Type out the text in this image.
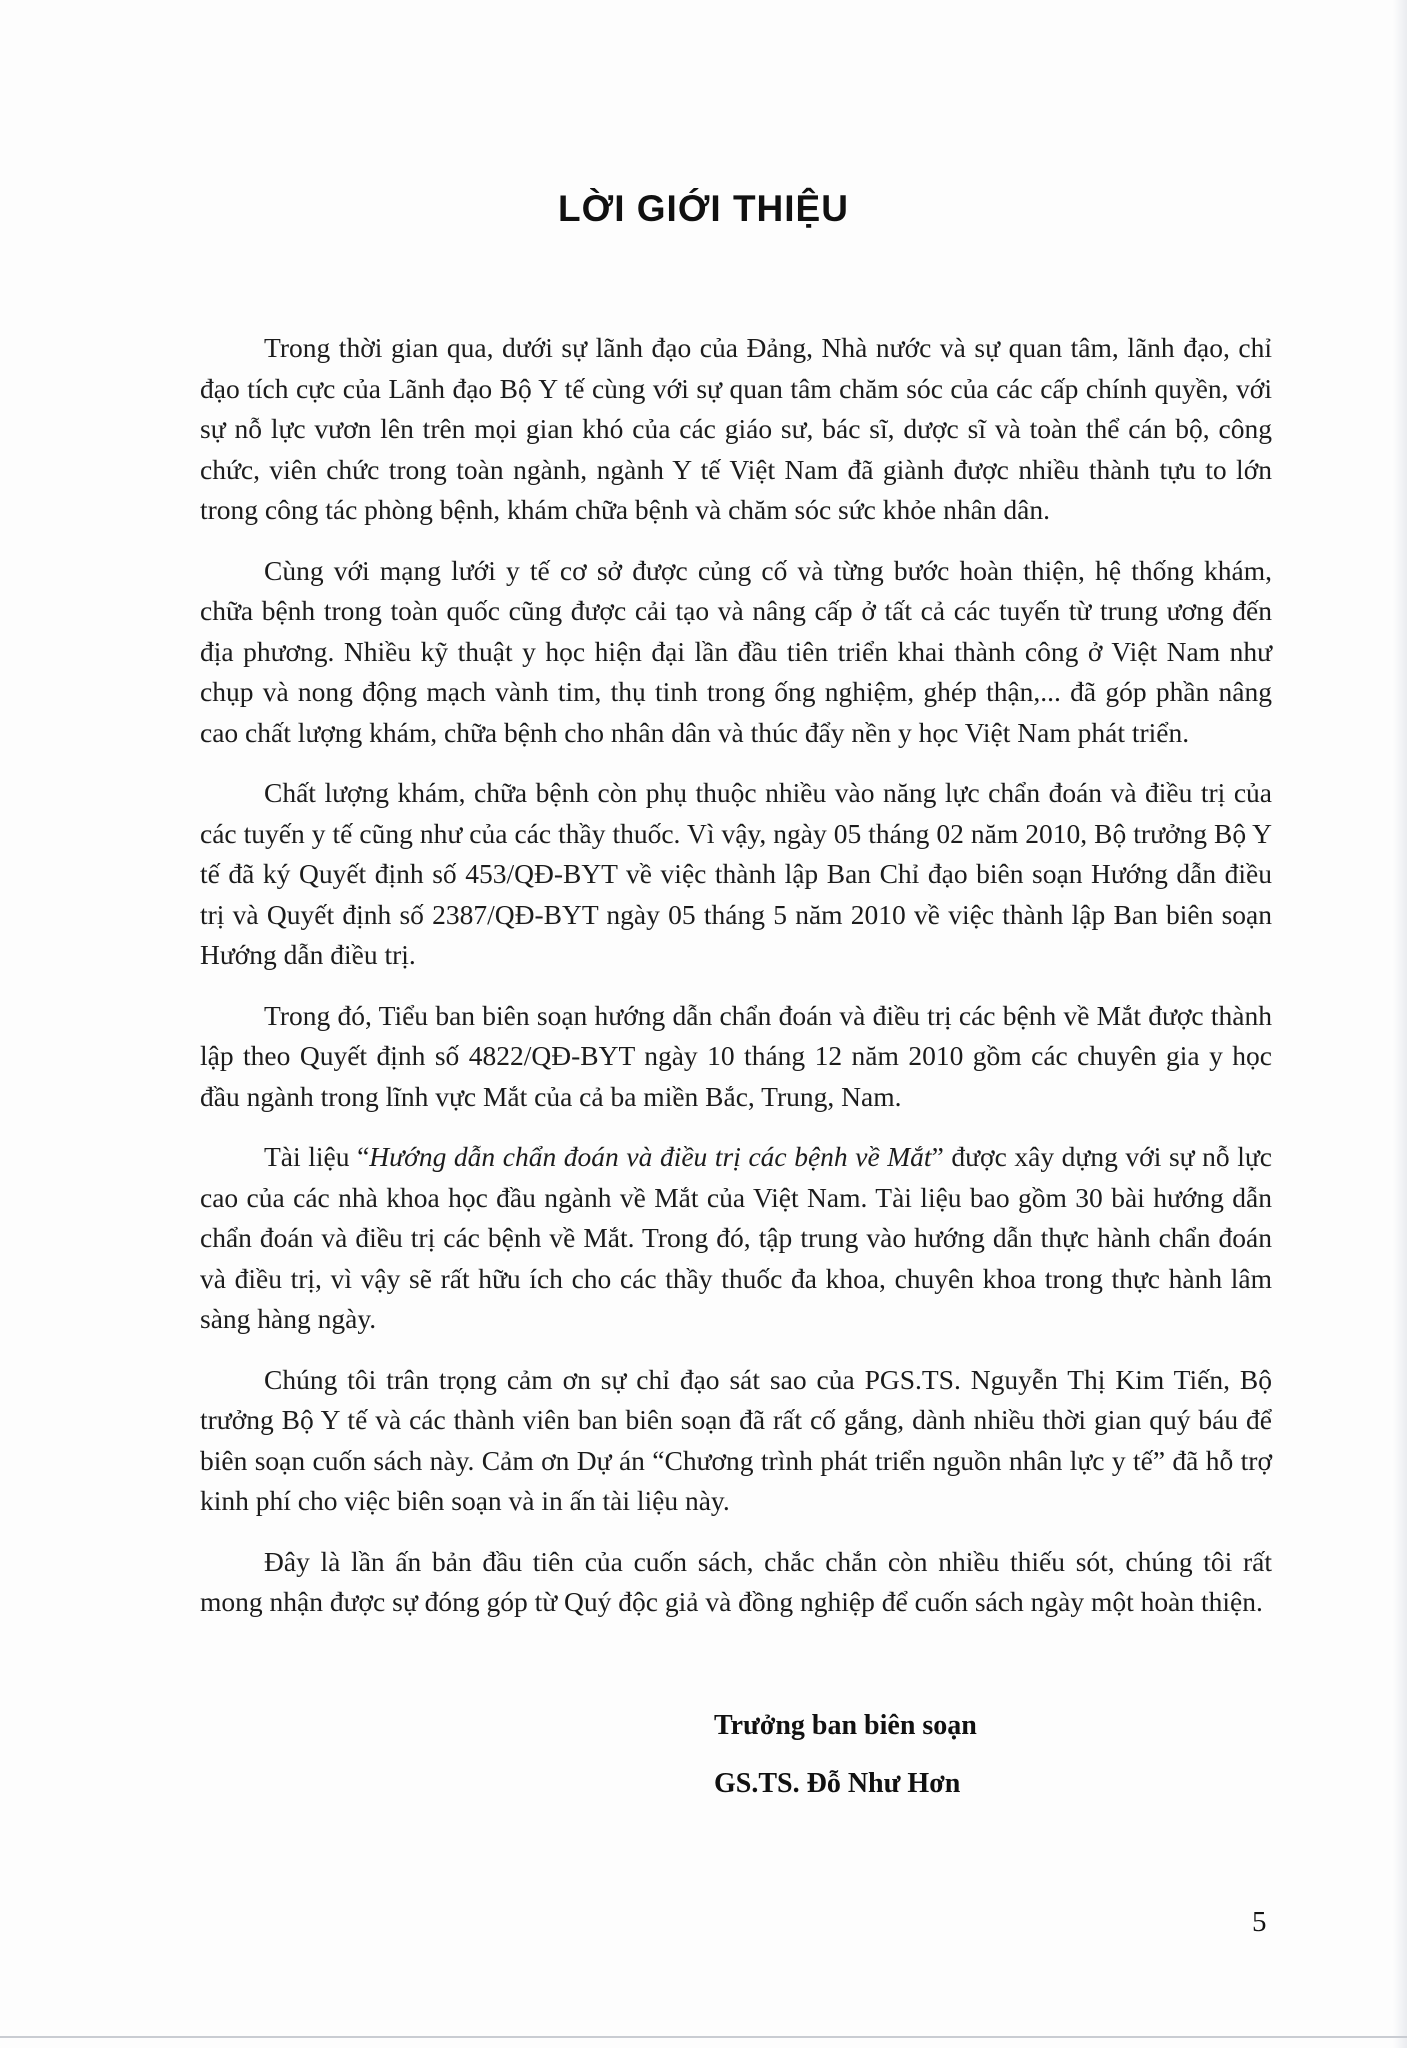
LỜI GIỚI THIỆU

Trong thời gian qua, dưới sự lãnh đạo của Đảng, Nhà nước và sự quan tâm, lãnh đạo, chỉ đạo tích cực của Lãnh đạo Bộ Y tế cùng với sự quan tâm chăm sóc của các cấp chính quyền, với sự nỗ lực vươn lên trên mọi gian khó của các giáo sư, bác sĩ, dược sĩ và toàn thể cán bộ, công chức, viên chức trong toàn ngành, ngành Y tế Việt Nam đã giành được nhiều thành tựu to lớn trong công tác phòng bệnh, khám chữa bệnh và chăm sóc sức khỏe nhân dân.

Cùng với mạng lưới y tế cơ sở được củng cố và từng bước hoàn thiện, hệ thống khám, chữa bệnh trong toàn quốc cũng được cải tạo và nâng cấp ở tất cả các tuyến từ trung ương đến địa phương. Nhiều kỹ thuật y học hiện đại lần đầu tiên triển khai thành công ở Việt Nam như chụp và nong động mạch vành tim, thụ tinh trong ống nghiệm, ghép thận,... đã góp phần nâng cao chất lượng khám, chữa bệnh cho nhân dân và thúc đẩy nền y học Việt Nam phát triển.

Chất lượng khám, chữa bệnh còn phụ thuộc nhiều vào năng lực chẩn đoán và điều trị của các tuyến y tế cũng như của các thầy thuốc. Vì vậy, ngày 05 tháng 02 năm 2010, Bộ trưởng Bộ Y tế đã ký Quyết định số 453/QĐ-BYT về việc thành lập Ban Chỉ đạo biên soạn Hướng dẫn điều trị và Quyết định số 2387/QĐ-BYT ngày 05 tháng 5 năm 2010 về việc thành lập Ban biên soạn Hướng dẫn điều trị.

Trong đó, Tiểu ban biên soạn hướng dẫn chẩn đoán và điều trị các bệnh về Mắt được thành lập theo Quyết định số 4822/QĐ-BYT ngày 10 tháng 12 năm 2010 gồm các chuyên gia y học đầu ngành trong lĩnh vực Mắt của cả ba miền Bắc, Trung, Nam.

Tài liệu “Hướng dẫn chẩn đoán và điều trị các bệnh về Mắt” được xây dựng với sự nỗ lực cao của các nhà khoa học đầu ngành về Mắt của Việt Nam. Tài liệu bao gồm 30 bài hướng dẫn chẩn đoán và điều trị các bệnh về Mắt. Trong đó, tập trung vào hướng dẫn thực hành chẩn đoán và điều trị, vì vậy sẽ rất hữu ích cho các thầy thuốc đa khoa, chuyên khoa trong thực hành lâm sàng hàng ngày.

Chúng tôi trân trọng cảm ơn sự chỉ đạo sát sao của PGS.TS. Nguyễn Thị Kim Tiến, Bộ trưởng Bộ Y tế và các thành viên ban biên soạn đã rất cố gắng, dành nhiều thời gian quý báu để biên soạn cuốn sách này. Cảm ơn Dự án “Chương trình phát triển nguồn nhân lực y tế” đã hỗ trợ kinh phí cho việc biên soạn và in ấn tài liệu này.

Đây là lần ấn bản đầu tiên của cuốn sách, chắc chắn còn nhiều thiếu sót, chúng tôi rất mong nhận được sự đóng góp từ Quý độc giả và đồng nghiệp để cuốn sách ngày một hoàn thiện.

Trưởng ban biên soạn
GS.TS. Đỗ Như Hơn
5
